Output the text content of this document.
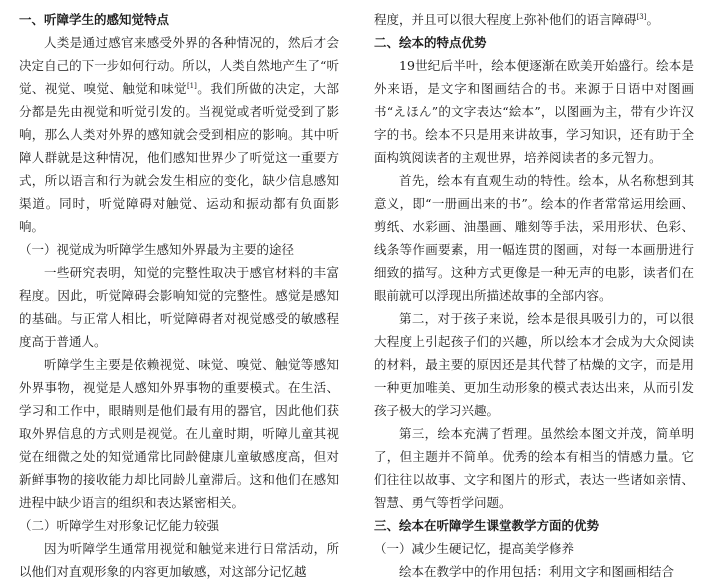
一、听障学生的感知觉特点

人类是通过感官来感受外界的各种情况的，然后才会决定自己的下一步如何行动。所以，人类自然地产生了“听觉、视觉、嗅觉、触觉和味觉[1]。我们所做的决定，大部分都是先由视觉和听觉引发的。当视觉或者听觉受到了影响，那么人类对外界的感知就会受到相应的影响。其中听障人群就是这种情况，他们感知世界少了听觉这一重要方式，所以语言和行为就会发生相应的变化，缺少信息感知渠道。同时，听觉障碍对触觉、运动和振动都有负面影响。

（一）视觉成为听障学生感知外界最为主要的途径

一些研究表明，知觉的完整性取决于感官材料的丰富程度。因此，听觉障碍会影响知觉的完整性。感觉是感知的基础。与正常人相比，听觉障碍者对视觉感受的敏感程度高于普通人。

听障学生主要是依赖视觉、味觉、嗅觉、触觉等感知外界事物，视觉是人感知外界事物的重要模式。在生活、学习和工作中，眼睛则是他们最有用的器官，因此他们获取外界信息的方式则是视觉。在儿童时期，听障儿童其视觉在细微之处的知觉通常比同龄健康儿童敏感度高，但对新鲜事物的接收能力却比同龄儿童滞后。这和他们在感知进程中缺少语言的组织和表达紧密相关。

（二）听障学生对形象记忆能力较强

因为听障学生通常用视觉和触觉来进行日常活动，所以他们对直观形象的内容更加敏感，对这部分记忆越

程度，并且可以很大程度上弥补他们的语言障碍[3]。

二、绘本的特点优势

19世纪后半叶，绘本便逐渐在欧美开始盛行。绘本是外来语，是文字和图画结合的书。来源于日语中对图画书“えほん”的文字表达“絵本”，以图画为主，带有少许汉字的书。绘本不只是用来讲故事，学习知识，还有助于全面构筑阅读者的主观世界，培养阅读者的多元智力。

首先，绘本有直观生动的特性。绘本，从名称想到其意义，即“一册画出来的书”。绘本的作者常常运用绘画、剪纸、水彩画、油墨画、雕刻等手法，采用形状、色彩、线条等作画要素，用一幅连贯的图画，对每一本画册进行细致的描写。这种方式更像是一种无声的电影，读者们在眼前就可以浮现出所描述故事的全部内容。

第二，对于孩子来说，绘本是很具吸引力的，可以很大程度上引起孩子们的兴趣，所以绘本才会成为大众阅读的材料，最主要的原因还是其代替了枯燥的文字，而是用一种更加唯美、更加生动形象的模式表达出来，从而引发孩子极大的学习兴趣。

第三，绘本充满了哲理。虽然绘本图文并茂，简单明了，但主题并不简单。优秀的绘本有相当的情感力量。它们往往以故事、文字和图片的形式，表达一些诸如亲情、智慧、勇气等哲学问题。

三、绘本在听障学生课堂教学方面的优势
（一）减少生硬记忆，提高美学修养

绘本在教学中的作用包括：利用文字和图画相结合
